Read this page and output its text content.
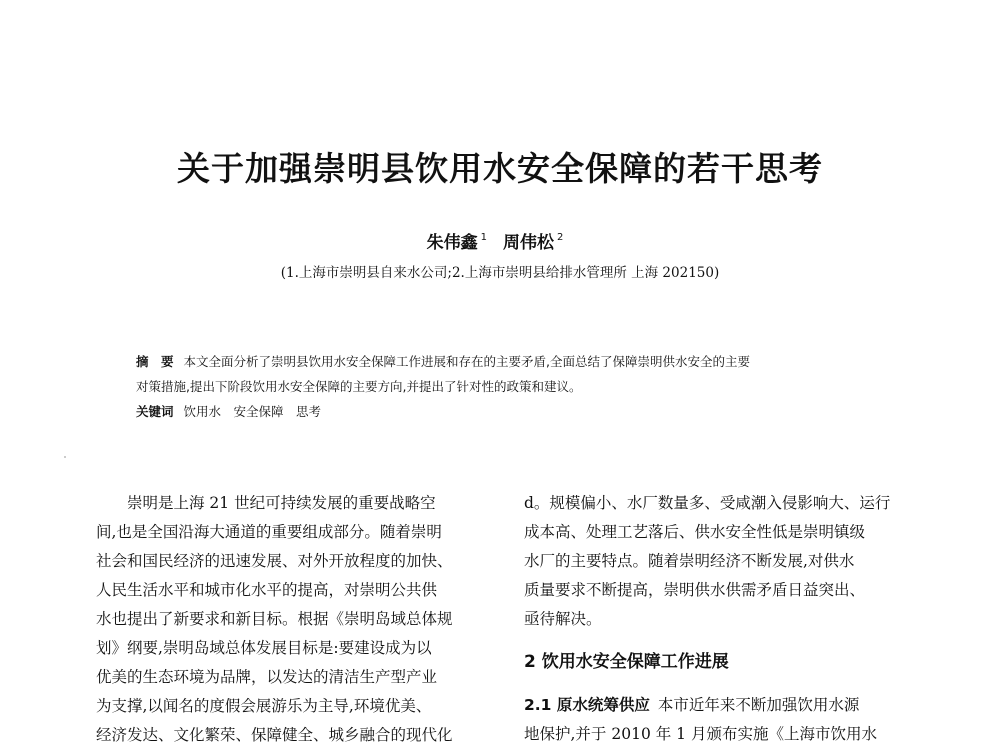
关于加强崇明县饮用水安全保障的若干思考
朱伟鑫 $^1$ 周伟松 $^2$
(1.上海市崇明县自来水公司;2.上海市崇明县给排水管理所 上海 202150)
摘　要 本文全面分析了崇明县饮用水安全保障工作进展和存在的主要矛盾,全面总结了保障崇明供水安全的主要
对策措施,提出下阶段饮用水安全保障的主要方向,并提出了针对性的政策和建议。
关键词 饮用水　安全保障　思考
　　崇明是上海 21 世纪可持续发展的重要战略空
间,也是全国沿海大通道的重要组成部分。随着崇明
社会和国民经济的迅速发展、对外开放程度的加快、
人民生活水平和城市化水平的提高，对崇明公共供
水也提出了新要求和新目标。根据《崇明岛域总体规
划》纲要,崇明岛域总体发展目标是:要建设成为以
优美的生态环境为品牌，以发达的清洁生产型产业
为支撑,以闻名的度假会展游乐为主导,环境优美、
经济发达、文化繁荣、保障健全、城乡融合的现代化
d。规模偏小、水厂数量多、受咸潮入侵影响大、运行
成本高、处理工艺落后、供水安全性低是崇明镇级
水厂的主要特点。随着崇明经济不断发展,对供水
质量要求不断提高，崇明供水供需矛盾日益突出、
亟待解决。
2 饮用水安全保障工作进展
2.1 原水统筹供应 本市近年来不断加强饮用水源
地保护,并于 2010 年 1 月颁布实施《上海市饮用水
